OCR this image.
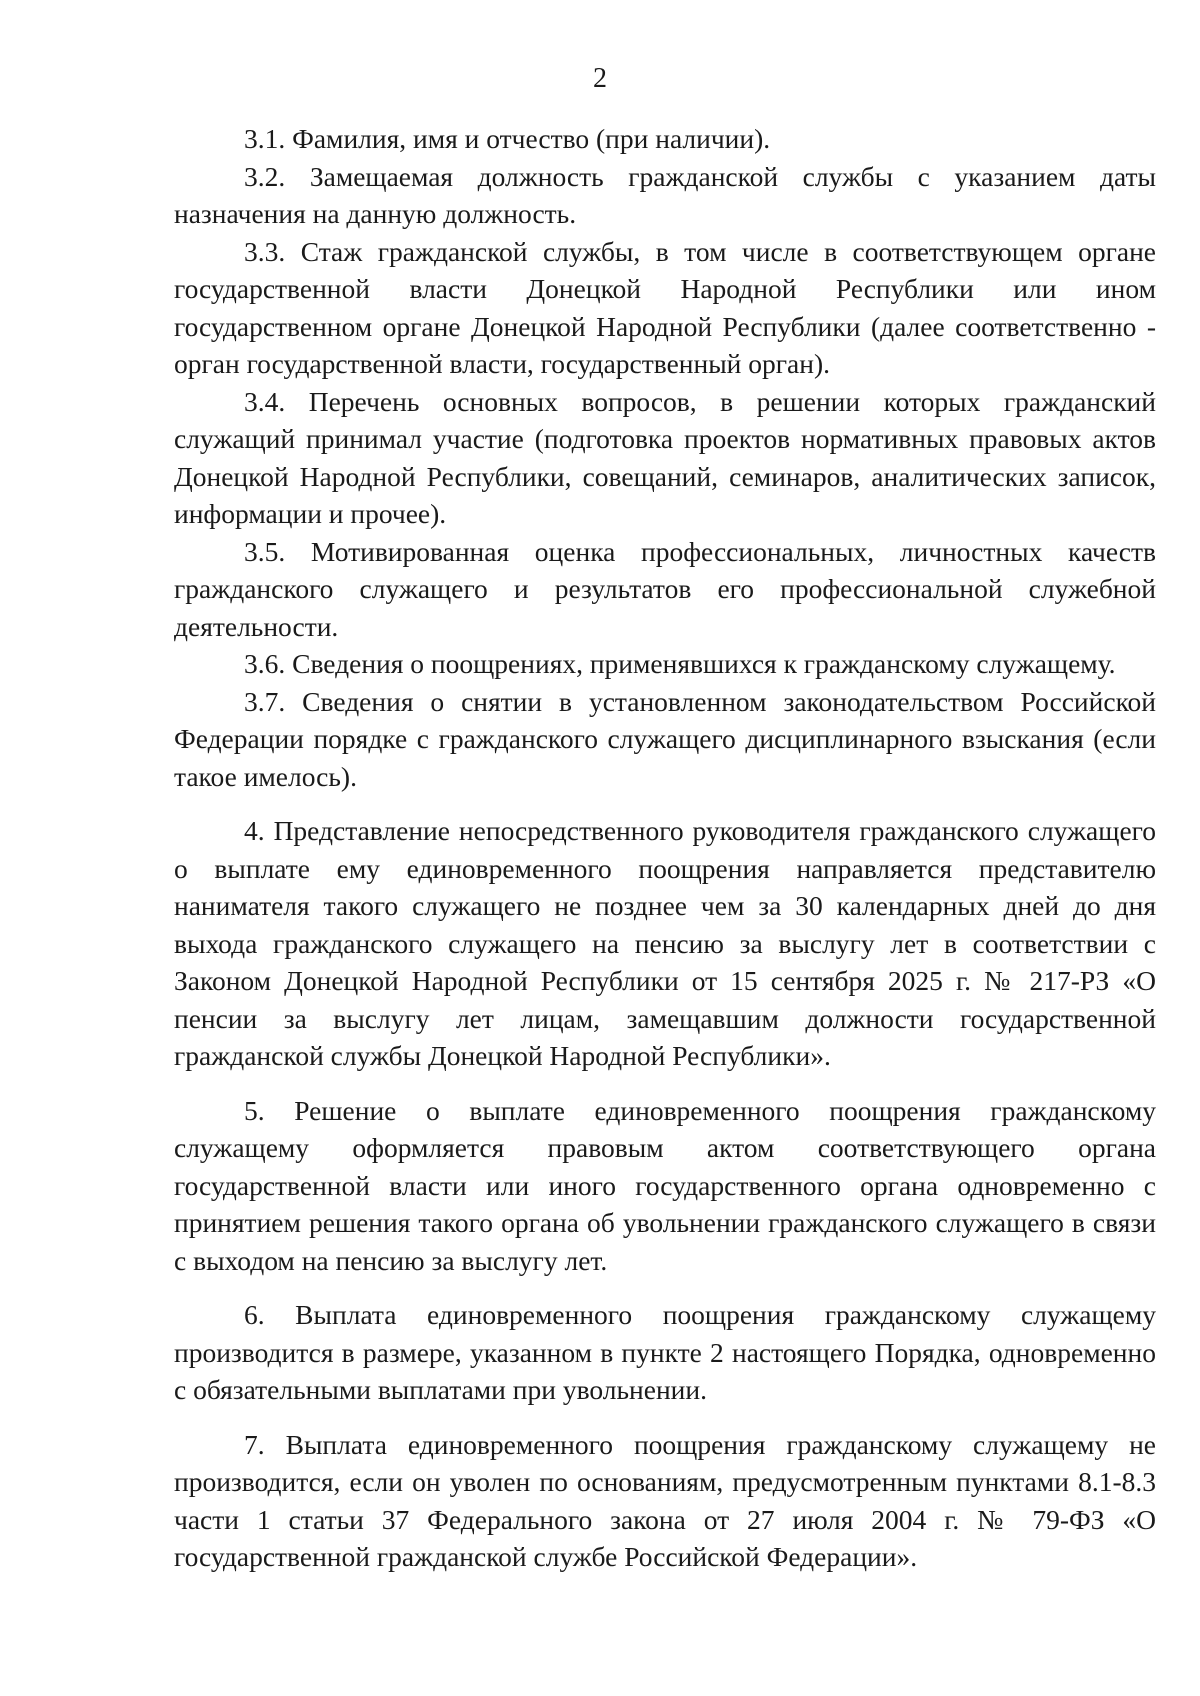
2

3.1. Фамилия, имя и отчество (при наличии).

3.2. Замещаемая должность гражданской службы с указанием даты назначения на данную должность.

3.3. Стаж гражданской службы, в том числе в соответствующем органе государственной власти Донецкой Народной Республики или ином государственном органе Донецкой Народной Республики (далее соответственно - орган государственной власти, государственный орган).

3.4. Перечень основных вопросов, в решении которых гражданский служащий принимал участие (подготовка проектов нормативных правовых актов Донецкой Народной Республики, совещаний, семинаров, аналитических записок, информации и прочее).

3.5. Мотивированная оценка профессиональных, личностных качеств гражданского служащего и результатов его профессиональной служебной деятельности.

3.6. Сведения о поощрениях, применявшихся к гражданскому служащему.

3.7. Сведения о снятии в установленном законодательством Российской Федерации порядке с гражданского служащего дисциплинарного взыскания (если такое имелось).

4. Представление непосредственного руководителя гражданского служащего о выплате ему единовременного поощрения направляется представителю нанимателя такого служащего не позднее чем за 30 календарных дней до дня выхода гражданского служащего на пенсию за выслугу лет в соответствии с Законом Донецкой Народной Республики от 15 сентября 2025 г. № 217-РЗ «О пенсии за выслугу лет лицам, замещавшим должности государственной гражданской службы Донецкой Народной Республики».

5. Решение о выплате единовременного поощрения гражданскому служащему оформляется правовым актом соответствующего органа государственной власти или иного государственного органа одновременно с принятием решения такого органа об увольнении гражданского служащего в связи с выходом на пенсию за выслугу лет.

6. Выплата единовременного поощрения гражданскому служащему производится в размере, указанном в пункте 2 настоящего Порядка, одновременно с обязательными выплатами при увольнении.

7. Выплата единовременного поощрения гражданскому служащему не производится, если он уволен по основаниям, предусмотренным пунктами 8.1-8.3 части 1 статьи 37 Федерального закона от 27 июля 2004 г. № 79-ФЗ «О государственной гражданской службе Российской Федерации».
